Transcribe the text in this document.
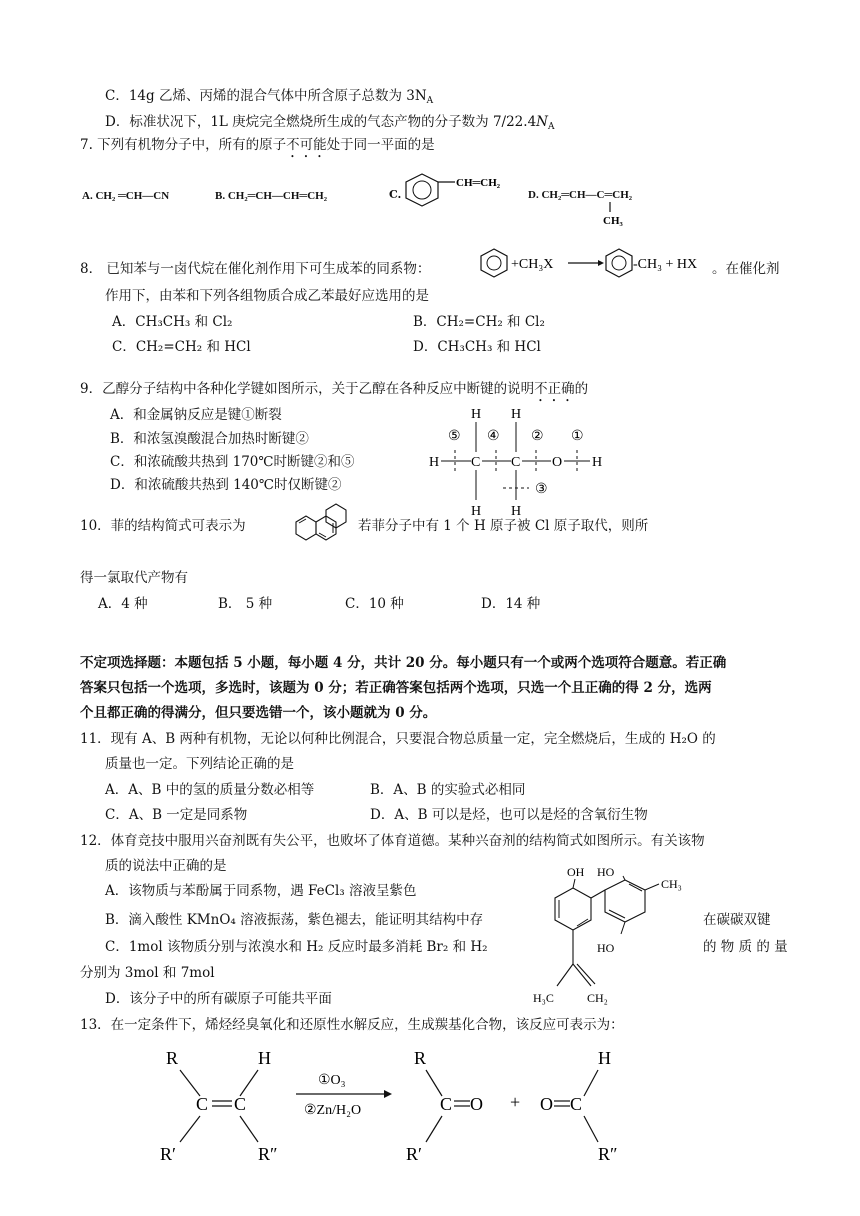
C．14g 乙烯、丙烯的混合气体中所含原子总数为 $3N_A$
D．标准状况下，1L 庚烷完全燃烧所生成的气态产物的分子数为 $7/22.4N_A$
7. 下列有机物分子中，所有的原子不可能处于同一平面的是
A. CH₂ ═CH—CN	B. CH₂═CH—CH═CH₂	C.
CH═CH₂
D. CH₂═CH—C═CH₂
CH₃
8． 已知苯与一卤代烷在催化剂作用下可生成苯的同系物：	+CH₃X	-CH₃ + HX 。在催化剂
作用下，由苯和下列各组物质合成乙苯最好应选用的是
A．CH₃CH₃ 和 Cl₂	B．CH₂=CH₂ 和 Cl₂
C．CH₂=CH₂ 和 HCl	D．CH₃CH₃ 和 HCl
9．乙醇分子结构中各种化学键如图所示，关于乙醇在各种反应中断键的说明不正确的
A．和金属钠反应是键①断裂
B．和浓氢溴酸混合加热时断键②
C．和浓硫酸共热到 170℃时断键②和⑤
D．和浓硫酸共热到 140℃时仅断键②
H H
⑤ ④ ② ①
H C C O H
③
H H
10．菲的结构简式可表示为	若菲分子中有 1 个 H 原子被 Cl 原子取代，则所
得一氯取代产物有
A．4 种	B． 5 种	C．10 种	D．14 种
不定项选择题：本题包括 5 小题，每小题 4 分，共计 20 分。每小题只有一个或两个选项符合题意。若正确
答案只包括一个选项，多选时，该题为 0 分；若正确答案包括两个选项，只选一个且正确的得 2 分，选两
个且都正确的得满分，但只要选错一个，该小题就为 0 分。
11．现有 A、B 两种有机物，无论以何种比例混合，只要混合物总质量一定，完全燃烧后，生成的 H₂O 的
质量也一定。下列结论正确的是
A．A、B 中的氢的质量分数必相等	B．A、B 的实验式必相同
C．A、B 一定是同系物	D．A、B 可以是烃，也可以是烃的含氧衍生物
12．体育竞技中服用兴奋剂既有失公平，也败坏了体育道德。某种兴奋剂的结构简式如图所示。有关该物
质的说法中正确的是
A．该物质与苯酚属于同系物，遇 FeCl₃ 溶液呈紫色
B．滴入酸性 KMnO₄ 溶液振荡，紫色褪去，能证明其结构中存	在碳碳双键
C．1mol 该物质分别与浓溴水和 H₂ 反应时最多消耗 Br₂ 和 H₂	的 物 质 的 量
分别为 3mol 和 7mol
D．该分子中的所有碳原子可能共平面
OH HO
CH₃
HO
H₃C	CH₂
13．在一定条件下，烯烃经臭氧化和还原性水解反应，生成羰基化合物，该反应可表示为：
R	H
C C
R′	R″
①O₃
②Zn/H₂O
R
C O
R′
+ O C
H
R″
